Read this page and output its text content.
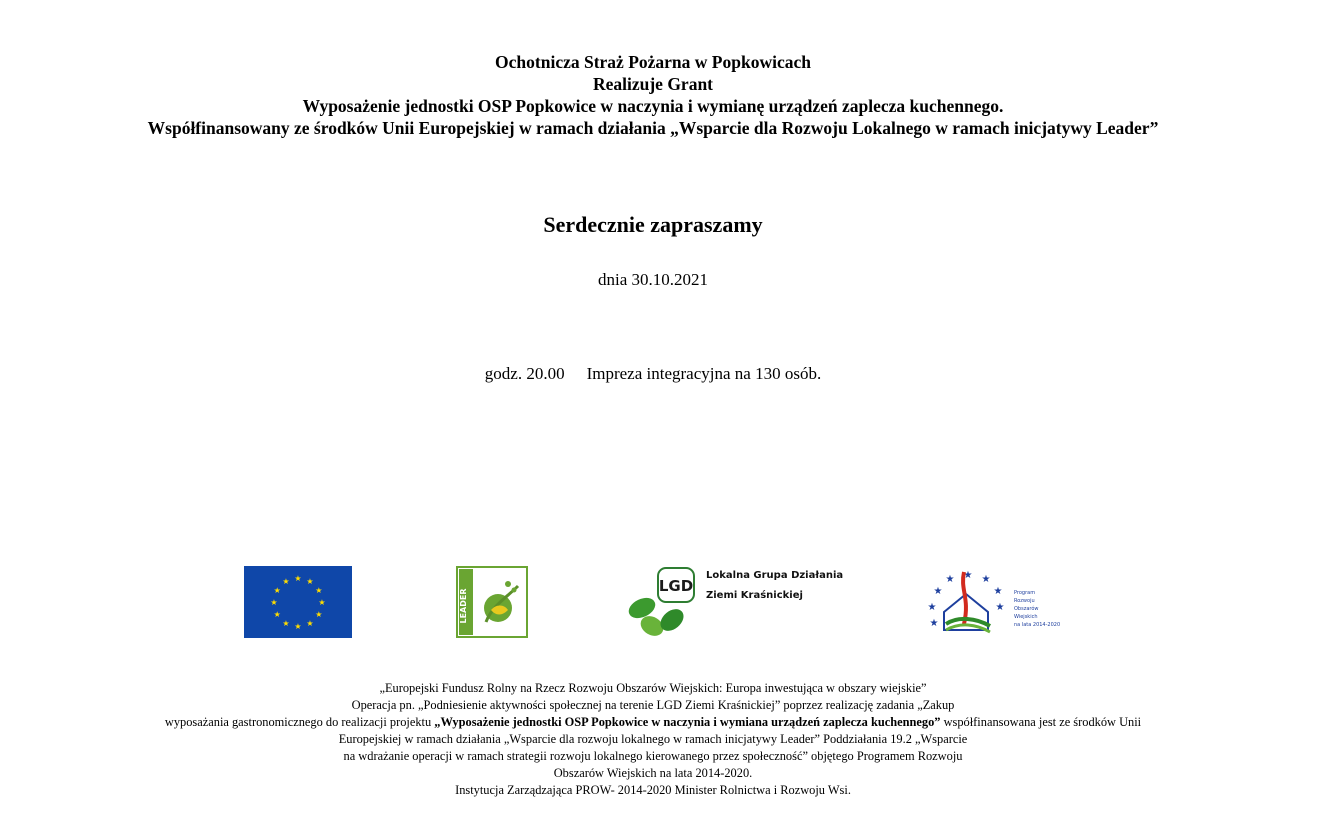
Ochotnicza Straż Pożarna w Popkowicach
Realizuje Grant
Wyposażenie jednostki OSP Popkowice w naczynia i wymianę urządzeń zaplecza kuchennego.
Współfinansowany ze środków Unii Europejskiej w ramach działania „Wsparcie dla Rozwoju Lokalnego w ramach inicjatywy Leader”
Serdecznie zapraszamy
dnia 30.10.2021
godz. 20.00 Impreza integracyjna na 130 osób.
★
★
★
★
★
★
★
★
★ ★ ★
★	LEADER
LGD
Lokalna Grupa Działania
Ziemi Kraśnickiej
★
★
★ ★ ★
★
★
★
Program
Rozwoju
Obszarów
Wiejskich
na lata 2014-2020
„Europejski Fundusz Rolny na Rzecz Rozwoju Obszarów Wiejskich: Europa inwestująca w obszary wiejskie”
Operacja pn. „Podniesienie aktywności społecznej na terenie LGD Ziemi Kraśnickiej” poprzez realizację zadania „Zakup
wyposażania gastronomicznego do realizacji projektu „Wyposażenie jednostki OSP Popkowice w naczynia i wymiana urządzeń zaplecza kuchennego” współfinansowana jest ze środków Unii
Europejskiej w ramach działania „Wsparcie dla rozwoju lokalnego w ramach inicjatywy Leader” Poddziałania 19.2 „Wsparcie
na wdrażanie operacji w ramach strategii rozwoju lokalnego kierowanego przez społeczność” objętego Programem Rozwoju
Obszarów Wiejskich na lata 2014-2020.
Instytucja Zarządzająca PROW- 2014-2020 Minister Rolnictwa i Rozwoju Wsi.
